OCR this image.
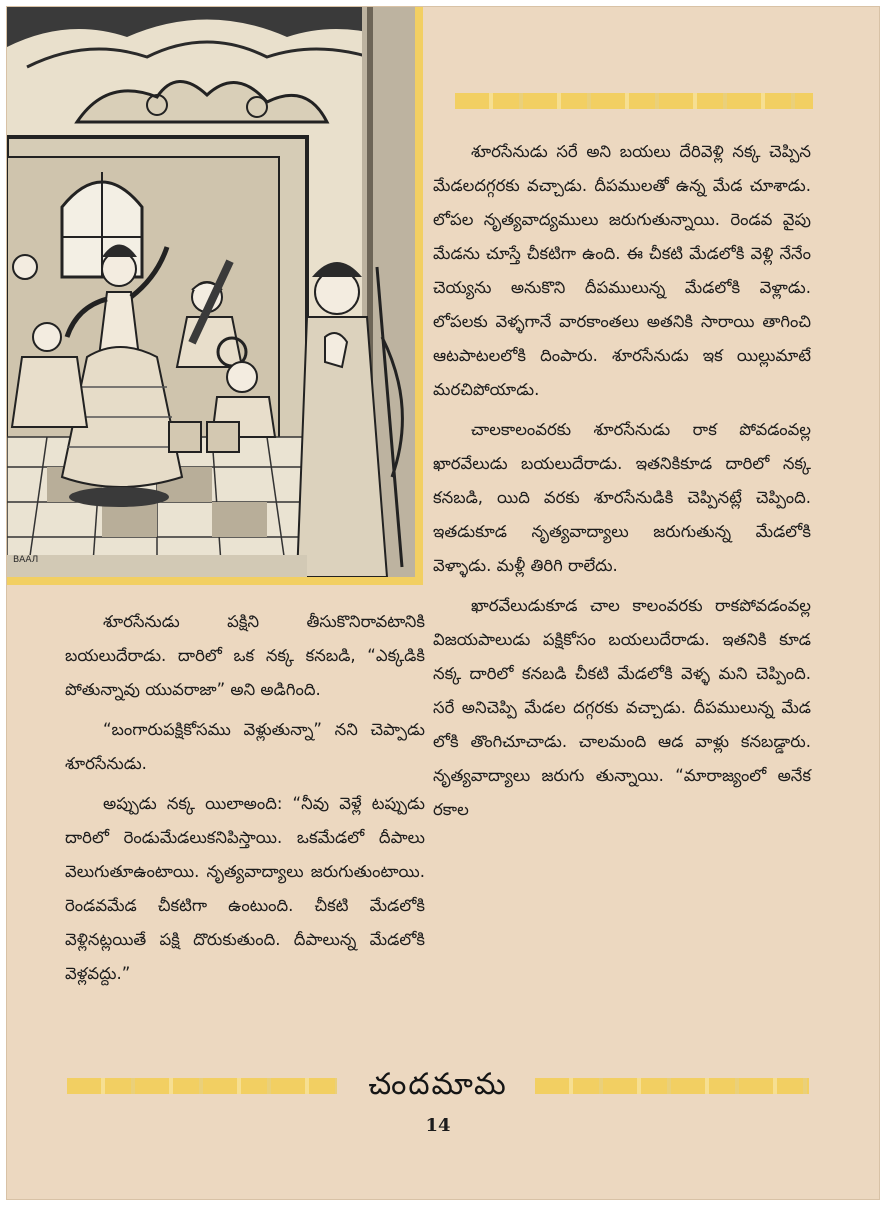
ВААЛ

శూరసేనుడు సరే అని బయలు దేరివెళ్లి నక్క చెప్పిన మేడలదగ్గరకు వచ్చాడు. దీపములతో ఉన్న మేడ చూశాడు. లోపల నృత్యవాద్యములు జరుగుతున్నాయి. రెండవ వైపు మేడను చూస్తే చీకటిగా ఉంది. ఈ చీకటి మేడలోకి వెళ్లి నేనేం చెయ్యను అనుకొని దీపములున్న మేడలోకి వెళ్లాడు. లోపలకు వెళ్ళగానే వారకాంతలు అతనికి సారాయి తాగించి ఆటపాటలలోకి దింపారు. శూరసేనుడు ఇక యిల్లుమాటే మరచిపోయాడు.

చాలకాలంవరకు శూరసేనుడు రాక పోవడంవల్ల ఖారవేలుడు బయలుదేరాడు. ఇతనికికూడ దారిలో నక్క కనబడి, యిది వరకు శూరసేనుడికి చెప్పినట్లే చెప్పింది. ఇతడుకూడ నృత్యవాద్యాలు జరుగుతున్న మేడలోకి వెళ్ళాడు. మళ్లీ తిరిగి రాలేదు.

ఖారవేలుడుకూడ చాల కాలంవరకు రాకపోవడంవల్ల విజయపాలుడు పక్షికోసం బయలుదేరాడు. ఇతనికి కూడ నక్క దారిలో కనబడి చీకటి మేడలోకి వెళ్ళ మని చెప్పింది. సరే అనిచెప్పి మేడల దగ్గరకు వచ్చాడు. దీపములున్న మేడ లోకి తొంగిచూచాడు. చాలమంది ఆడ వాళ్లు కనబడ్డారు. నృత్యవాద్యాలు జరుగు తున్నాయి. “మారాజ్యంలో అనేక రకాల

శూరసేనుడు పక్షిని తీసుకొనిరావటానికి బయలుదేరాడు. దారిలో ఒక నక్క కనబడి, “ఎక్కడికి పోతున్నావు యువరాజా” అని అడిగింది.

“బంగారుపక్షికోసము వెళ్లుతున్నా” నని చెప్పాడు శూరసేనుడు.

అప్పుడు నక్క యిలాఅంది: “నీవు వెళ్లే టప్పుడు దారిలో రెండుమేడలుకనిపిస్తాయి. ఒకమేడలో దీపాలు వెలుగుతూఉంటాయి. నృత్యవాద్యాలు జరుగుతుంటాయి. రెండవమేడ చీకటిగా ఉంటుంది. చీకటి మేడలోకి వెళ్లినట్లయితే పక్షి దొరుకుతుంది. దీపాలున్న మేడలోకి వెళ్లవద్దు.”

చందమామ
14
